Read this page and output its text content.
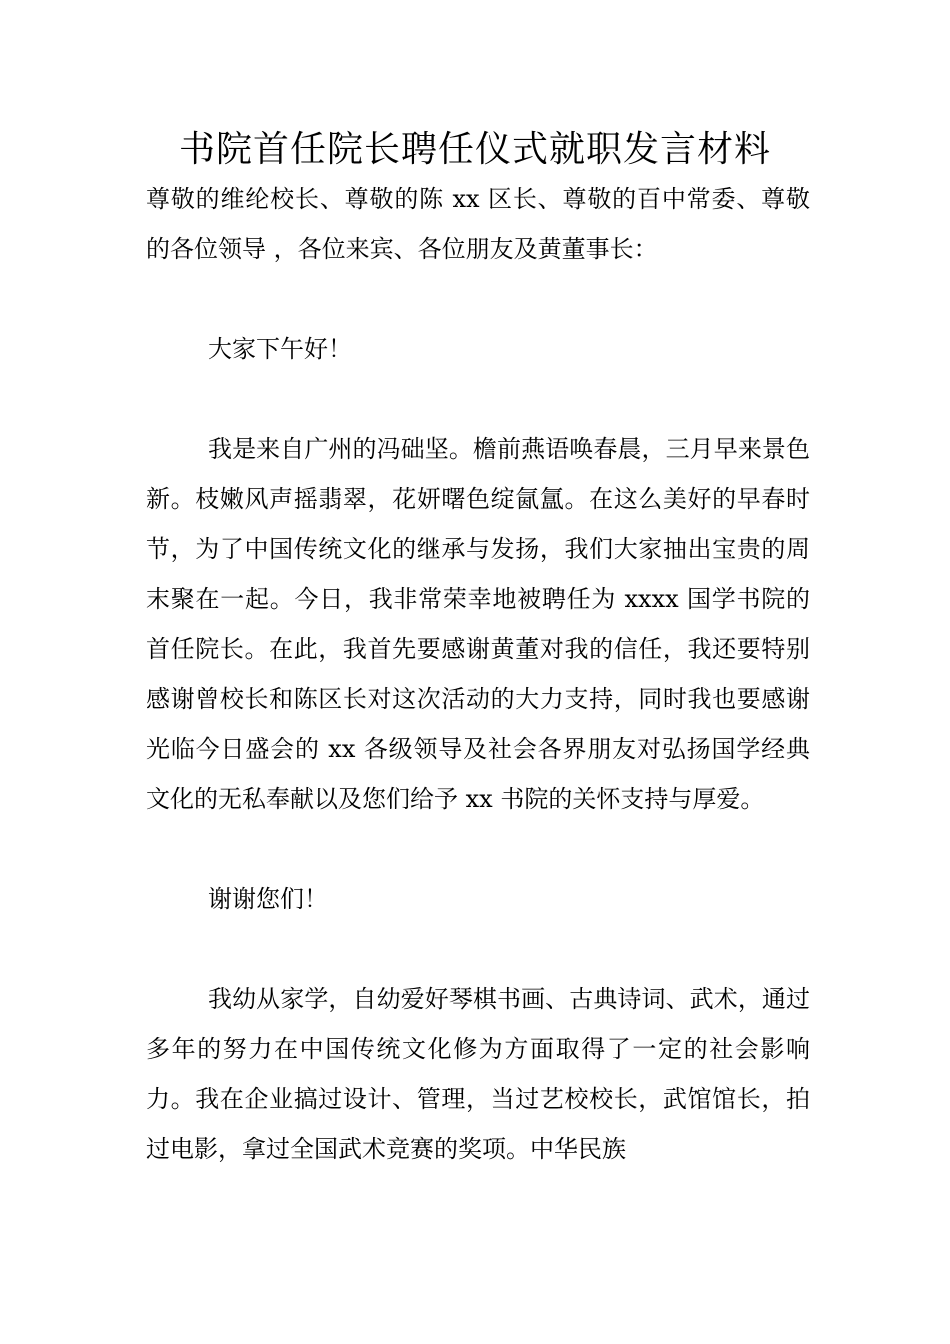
书院首任院长聘任仪式就职发言材料

尊敬的维纶校长、尊敬的陈 xx 区长、尊敬的百中常委、尊敬的各位领导 ，各位来宾、各位朋友及黄董事长：

大家下午好！

我是来自广州的冯础坚。檐前燕语唤春晨，三月早来景色新。枝嫩风声摇翡翠，花妍曙色绽氤氲。在这么美好的早春时节，为了中国传统文化的继承与发扬，我们大家抽出宝贵的周末聚在一起。今日，我非常荣幸地被聘任为 xxxx 国学书院的首任院长。在此，我首先要感谢黄董对我的信任，我还要特别感谢曾校长和陈区长对这次活动的大力支持，同时我也要感谢光临今日盛会的 xx 各级领导及社会各界朋友对弘扬国学经典文化的无私奉献以及您们给予 xx 书院的关怀支持与厚爱。

谢谢您们！

我幼从家学，自幼爱好琴棋书画、古典诗词、武术，通过多年的努力在中国传统文化修为方面取得了一定的社会影响力。我在企业搞过设计、管理，当过艺校校长，武馆馆长，拍过电影，拿过全国武术竞赛的奖项。中华民族
